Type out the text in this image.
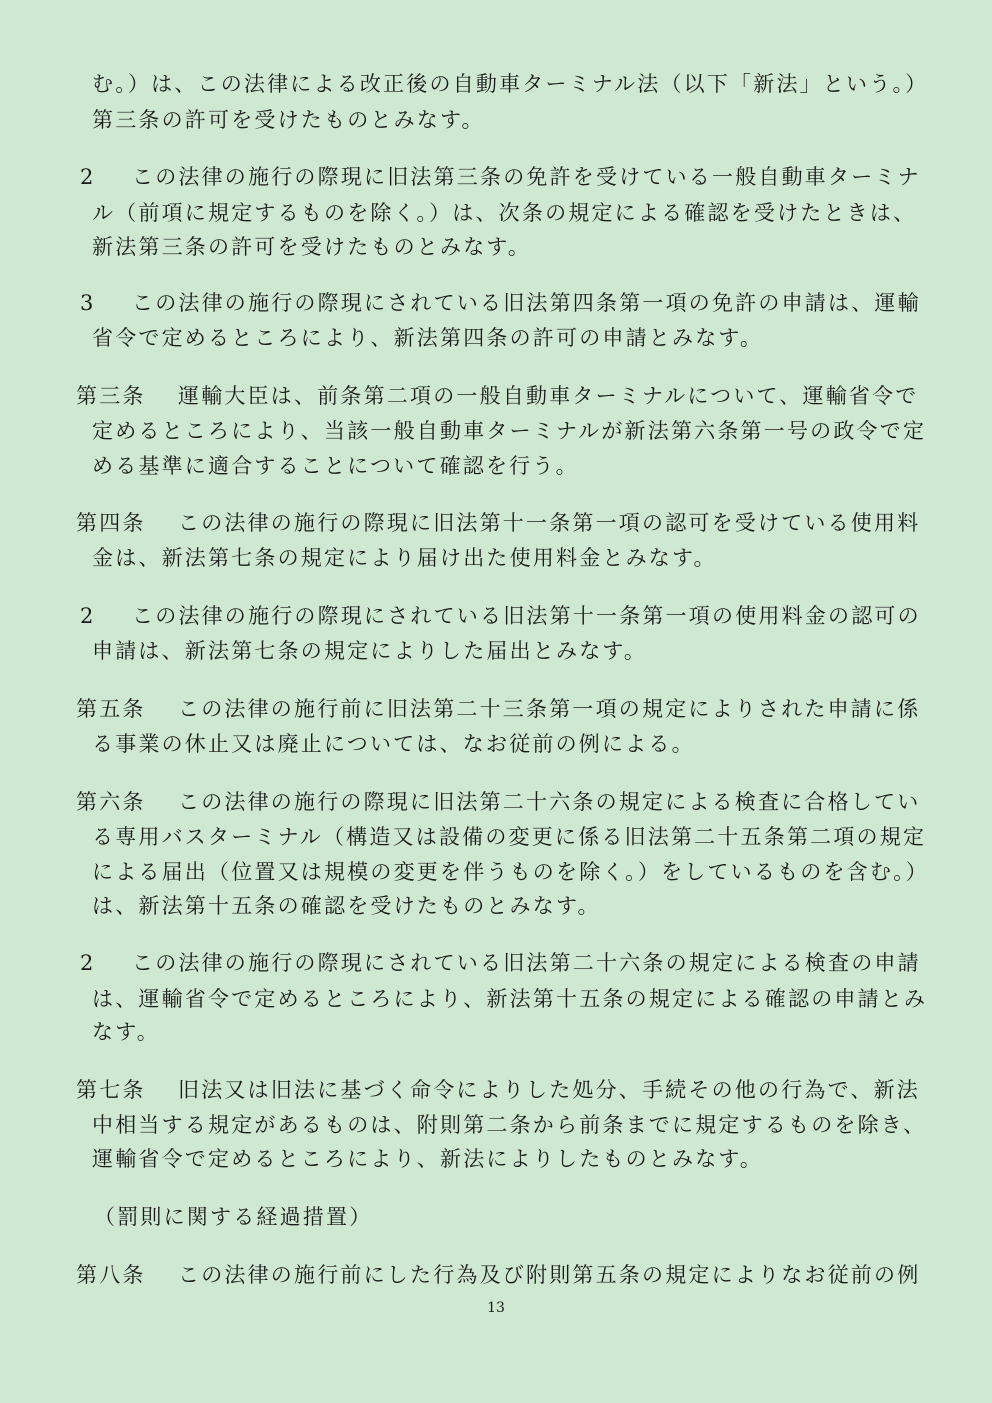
む。）は、この法律による改正後の自動車ターミナル法（以下「新法」という。）
第三条の許可を受けたものとみなす。
2 この法律の施行の際現に旧法第三条の免許を受けている一般自動車ターミナ
ル（前項に規定するものを除く。）は、次条の規定による確認を受けたときは、
新法第三条の許可を受けたものとみなす。
3 この法律の施行の際現にされている旧法第四条第一項の免許の申請は、運輸
省令で定めるところにより、新法第四条の許可の申請とみなす。
第三条 運輸大臣は、前条第二項の一般自動車ターミナルについて、運輸省令で
定めるところにより、当該一般自動車ターミナルが新法第六条第一号の政令で定
める基準に適合することについて確認を行う。
第四条 この法律の施行の際現に旧法第十一条第一項の認可を受けている使用料
金は、新法第七条の規定により届け出た使用料金とみなす。
2 この法律の施行の際現にされている旧法第十一条第一項の使用料金の認可の
申請は、新法第七条の規定によりした届出とみなす。
第五条 この法律の施行前に旧法第二十三条第一項の規定によりされた申請に係
る事業の休止又は廃止については、なお従前の例による。
第六条 この法律の施行の際現に旧法第二十六条の規定による検査に合格してい
る専用バスターミナル（構造又は設備の変更に係る旧法第二十五条第二項の規定
による届出（位置又は規模の変更を伴うものを除く。）をしているものを含む。）
は、新法第十五条の確認を受けたものとみなす。
2 この法律の施行の際現にされている旧法第二十六条の規定による検査の申請
は、運輸省令で定めるところにより、新法第十五条の規定による確認の申請とみ
なす。
第七条 旧法又は旧法に基づく命令によりした処分、手続その他の行為で、新法
中相当する規定があるものは、附則第二条から前条までに規定するものを除き、
運輸省令で定めるところにより、新法によりしたものとみなす。
（罰則に関する経過措置）
第八条 この法律の施行前にした行為及び附則第五条の規定によりなお従前の例
13
